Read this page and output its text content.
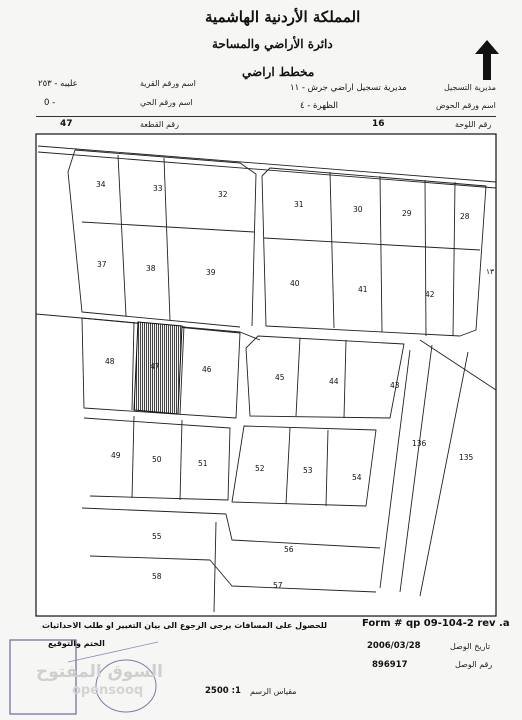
المملكة الأردنية الهاشمية
دائرة الأراضي والمساحة
مخطط اراضي
مديرية التسجيل
مديرية تسجيل اراضي جرش - ١١
اسم ورقم القرية
عليبه - ٢٥٣
اسم ورقم الحوض
الظهرة - ٤
اسم ورقم الحي
0 -
رقم اللوحة
16
رقم القطعة
47
34	33
32
31
30	29	28
37	38	39
40
41
42
48
47	46
45	44	43
136
135
49	50	51
52	53
54
55
56
58
57
١٣
Form # qp 09-104-2 rev .a
للحصول على المسافات يرجى الرجوع الى بيان التغيير او طلب الاحداثيات
الختم والتوقيع	تاريخ الوصل
2006/03/28
رقم الوصل
896917
مقياس الرسم
2500 :1
السوق المفتوح
opensooq
